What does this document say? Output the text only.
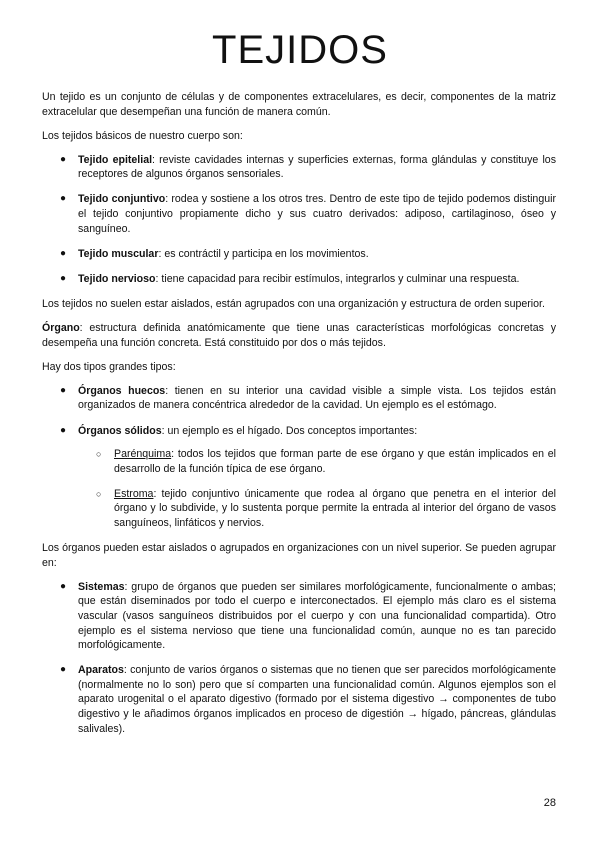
TEJIDOS

Un tejido es un conjunto de células y de componentes extracelulares, es decir, componentes de la matriz extracelular que desempeñan una función de manera común.

Los tejidos básicos de nuestro cuerpo son:

● Tejido epitelial: reviste cavidades internas y superficies externas, forma glándulas y constituye los receptores de algunos órganos sensoriales.
● Tejido conjuntivo: rodea y sostiene a los otros tres. Dentro de este tipo de tejido podemos distinguir el tejido conjuntivo propiamente dicho y sus cuatro derivados: adiposo, cartilaginoso, óseo y sanguíneo.
● Tejido muscular: es contráctil y participa en los movimientos.
● Tejido nervioso: tiene capacidad para recibir estímulos, integrarlos y culminar una respuesta.

Los tejidos no suelen estar aislados, están agrupados con una organización y estructura de orden superior.

Órgano: estructura definida anatómicamente que tiene unas características morfológicas concretas y desempeña una función concreta. Está constituido por dos o más tejidos.

Hay dos tipos grandes tipos:

● Órganos huecos: tienen en su interior una cavidad visible a simple vista. Los tejidos están organizados de manera concéntrica alrededor de la cavidad. Un ejemplo es el estómago.
● Órganos sólidos: un ejemplo es el hígado. Dos conceptos importantes:
○ Parénquima: todos los tejidos que forman parte de ese órgano y que están implicados en el desarrollo de la función típica de ese órgano.
○ Estroma: tejido conjuntivo únicamente que rodea al órgano que penetra en el interior del órgano y lo subdivide, y lo sustenta porque permite la entrada al interior del órgano de vasos sanguíneos, linfáticos y nervios.

Los órganos pueden estar aislados o agrupados en organizaciones con un nivel superior. Se pueden agrupar en:

● Sistemas: grupo de órganos que pueden ser similares morfológicamente, funcionalmente o ambas; que están diseminados por todo el cuerpo e interconectados. El ejemplo más claro es el sistema vascular (vasos sanguíneos distribuidos por el cuerpo y con una funcionalidad compartida). Otro ejemplo es el sistema nervioso que tiene una funcionalidad común, aunque no es tan parecido morfológicamente.
● Aparatos: conjunto de varios órganos o sistemas que no tienen que ser parecidos morfológicamente (normalmente no lo son) pero que sí comparten una funcionalidad común. Algunos ejemplos son el aparato urogenital o el aparato digestivo (formado por el sistema digestivo → componentes de tubo digestivo y le añadimos órganos implicados en proceso de digestión → hígado, páncreas, glándulas salivales).
28
